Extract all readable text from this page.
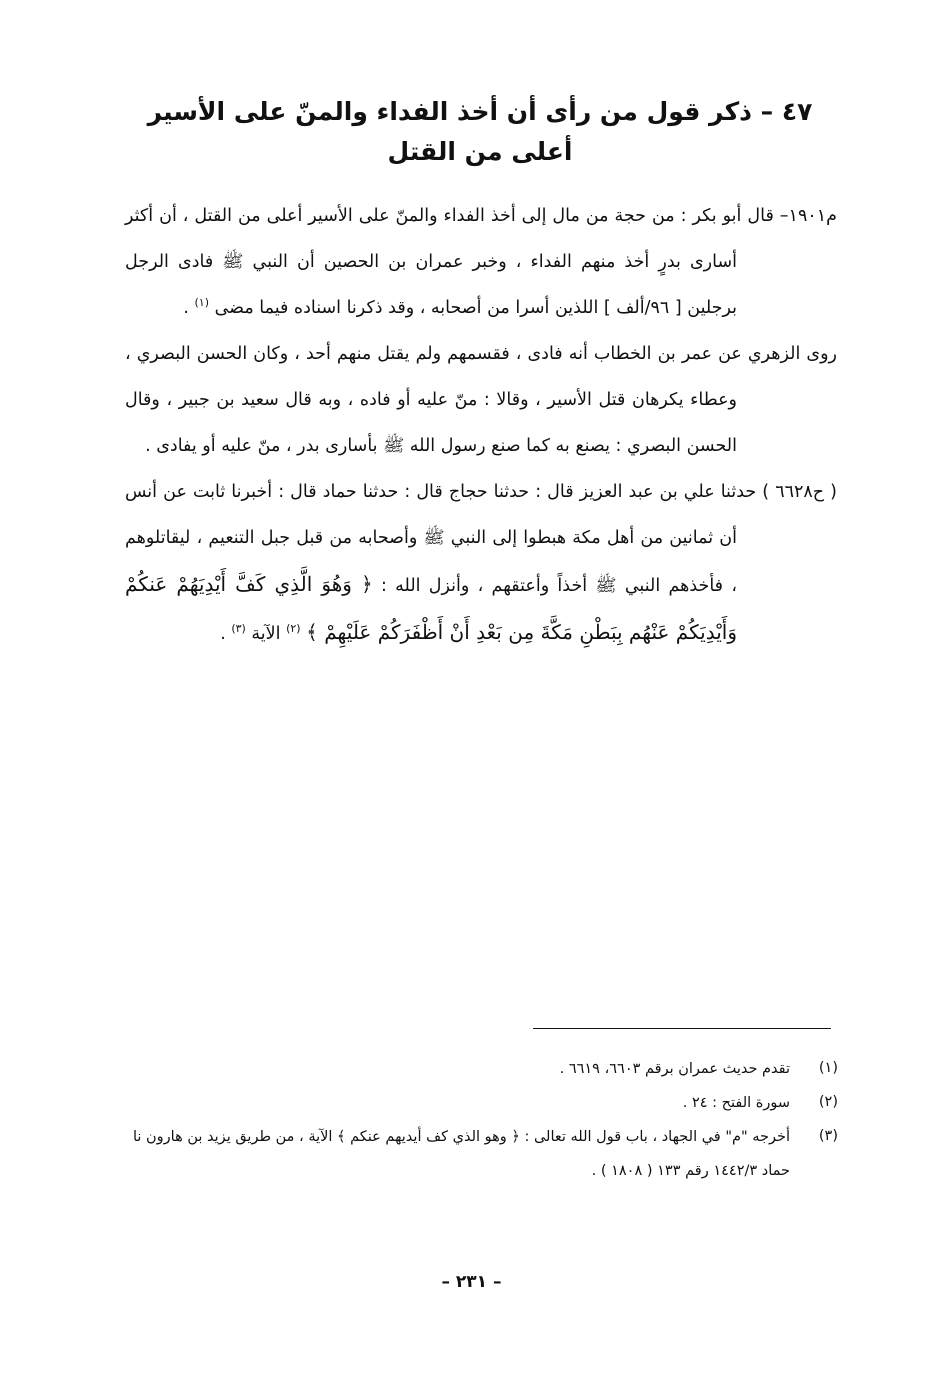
٤٧ – ذكر قول من رأى أن أخذ الفداء والمنّ على الأسير أعلى من القتل

م١٩٠١– قال أبو بكر : من حجة من مال إلى أخذ الفداء والمنّ على الأسير أعلى من القتل ، أن أكثر أسارى بدرٍ أخذ منهم الفداء ، وخبر عمران بن الحصين أن النبي ﷺ فادى الرجل برجلين [ ٩٦/ألف ] اللذين أسرا من أصحابه ، وقد ذكرنا اسناده فيما مضى $^{(١)}$ .

روى الزهري عن عمر بن الخطاب أنه فادى ، فقسمهم ولم يقتل منهم أحد ، وكان الحسن البصري ، وعطاء يكرهان قتل الأسير ، وقالا : منّ عليه أو فاده ، وبه قال سعيد بن جبير ، وقال الحسن البصري : يصنع به كما صنع رسول الله ﷺ بأسارى بدر ، منّ عليه أو يفادى .

( ح٦٦٢٨ ) حدثنا علي بن عبد العزيز قال : حدثنا حجاج قال : حدثنا حماد قال : أخبرنا ثابت عن أنس أن ثمانين من أهل مكة هبطوا إلى النبي ﷺ وأصحابه من قبل جبل التنعيم ، ليقاتلوهم ، فأخذهم النبي ﷺ أخذاً وأعتقهم ، وأنزل الله : ﴿ وَهُوَ الَّذِي كَفَّ أَيْدِيَهُمْ عَنكُمْ وَأَيْدِيَكُمْ عَنْهُم بِبَطْنِ مَكَّةَ مِن بَعْدِ أَنْ أَظْفَرَكُمْ عَلَيْهِمْ ﴾ $^{(٢)}$ الآية $^{(٣)}$ .

(١)
تقدم حديث عمران برقم ٦٦٠٣، ٦٦١٩ .
(٢)
سورة الفتح : ٢٤ .
(٣)
أخرجه "م" في الجهاد ، باب قول الله تعالى : ﴿ وهو الذي كف أيديهم عنكم ﴾ الآية ، من طريق يزيد بن هارون نا حماد ١٤٤٢/٣ رقم ١٣٣ ( ١٨٠٨ ) .
– ٢٣١ –
